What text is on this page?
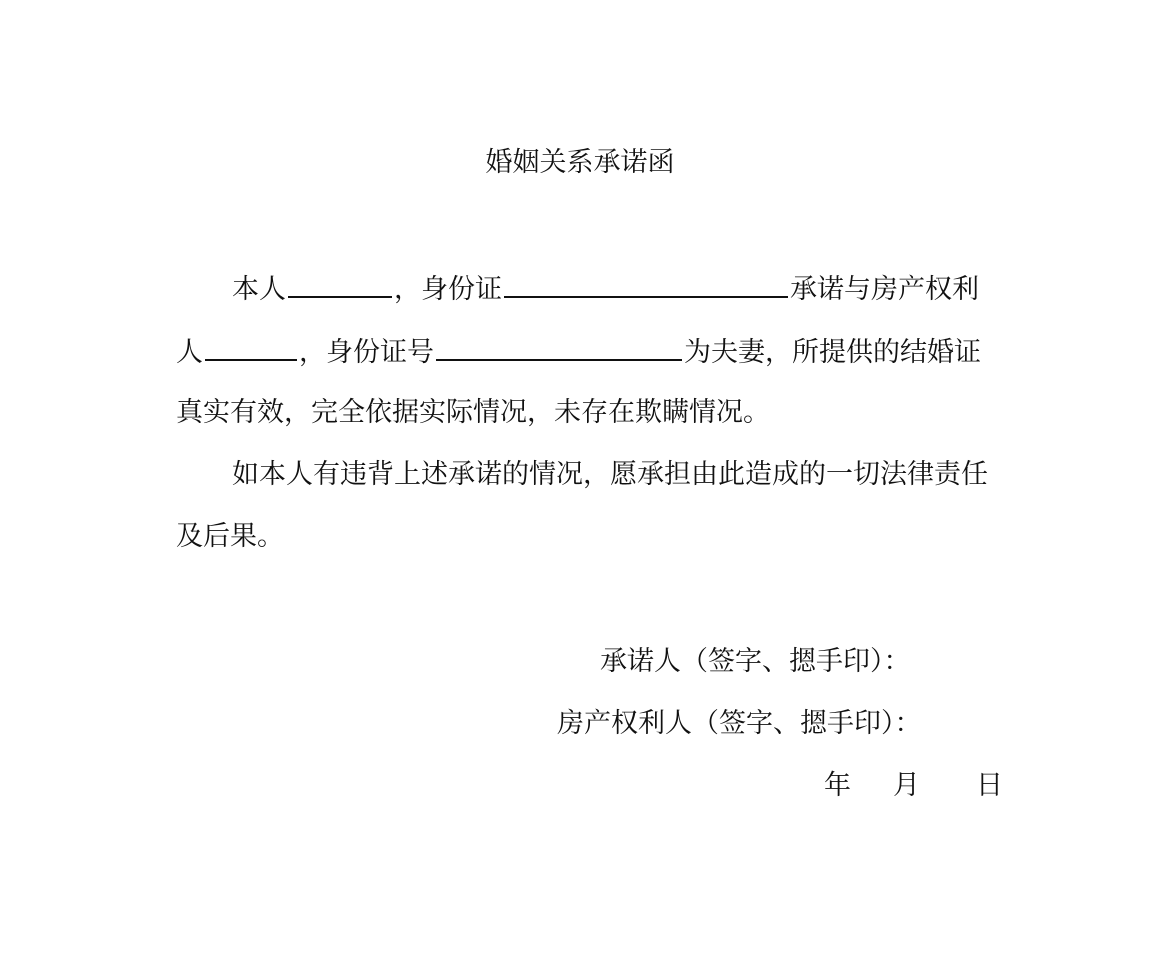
婚姻关系承诺函
本人	，身份证	承诺与房产权利
人	，身份证号	为夫妻，所提供的结婚证
真实有效，完全依据实际情况，未存在欺瞒情况。
如本人有违背上述承诺的情况，愿承担由此造成的一切法律责任
及后果。
承诺人（签字、摁手印）：
房产权利人（签字、摁手印）：
年 月 日
